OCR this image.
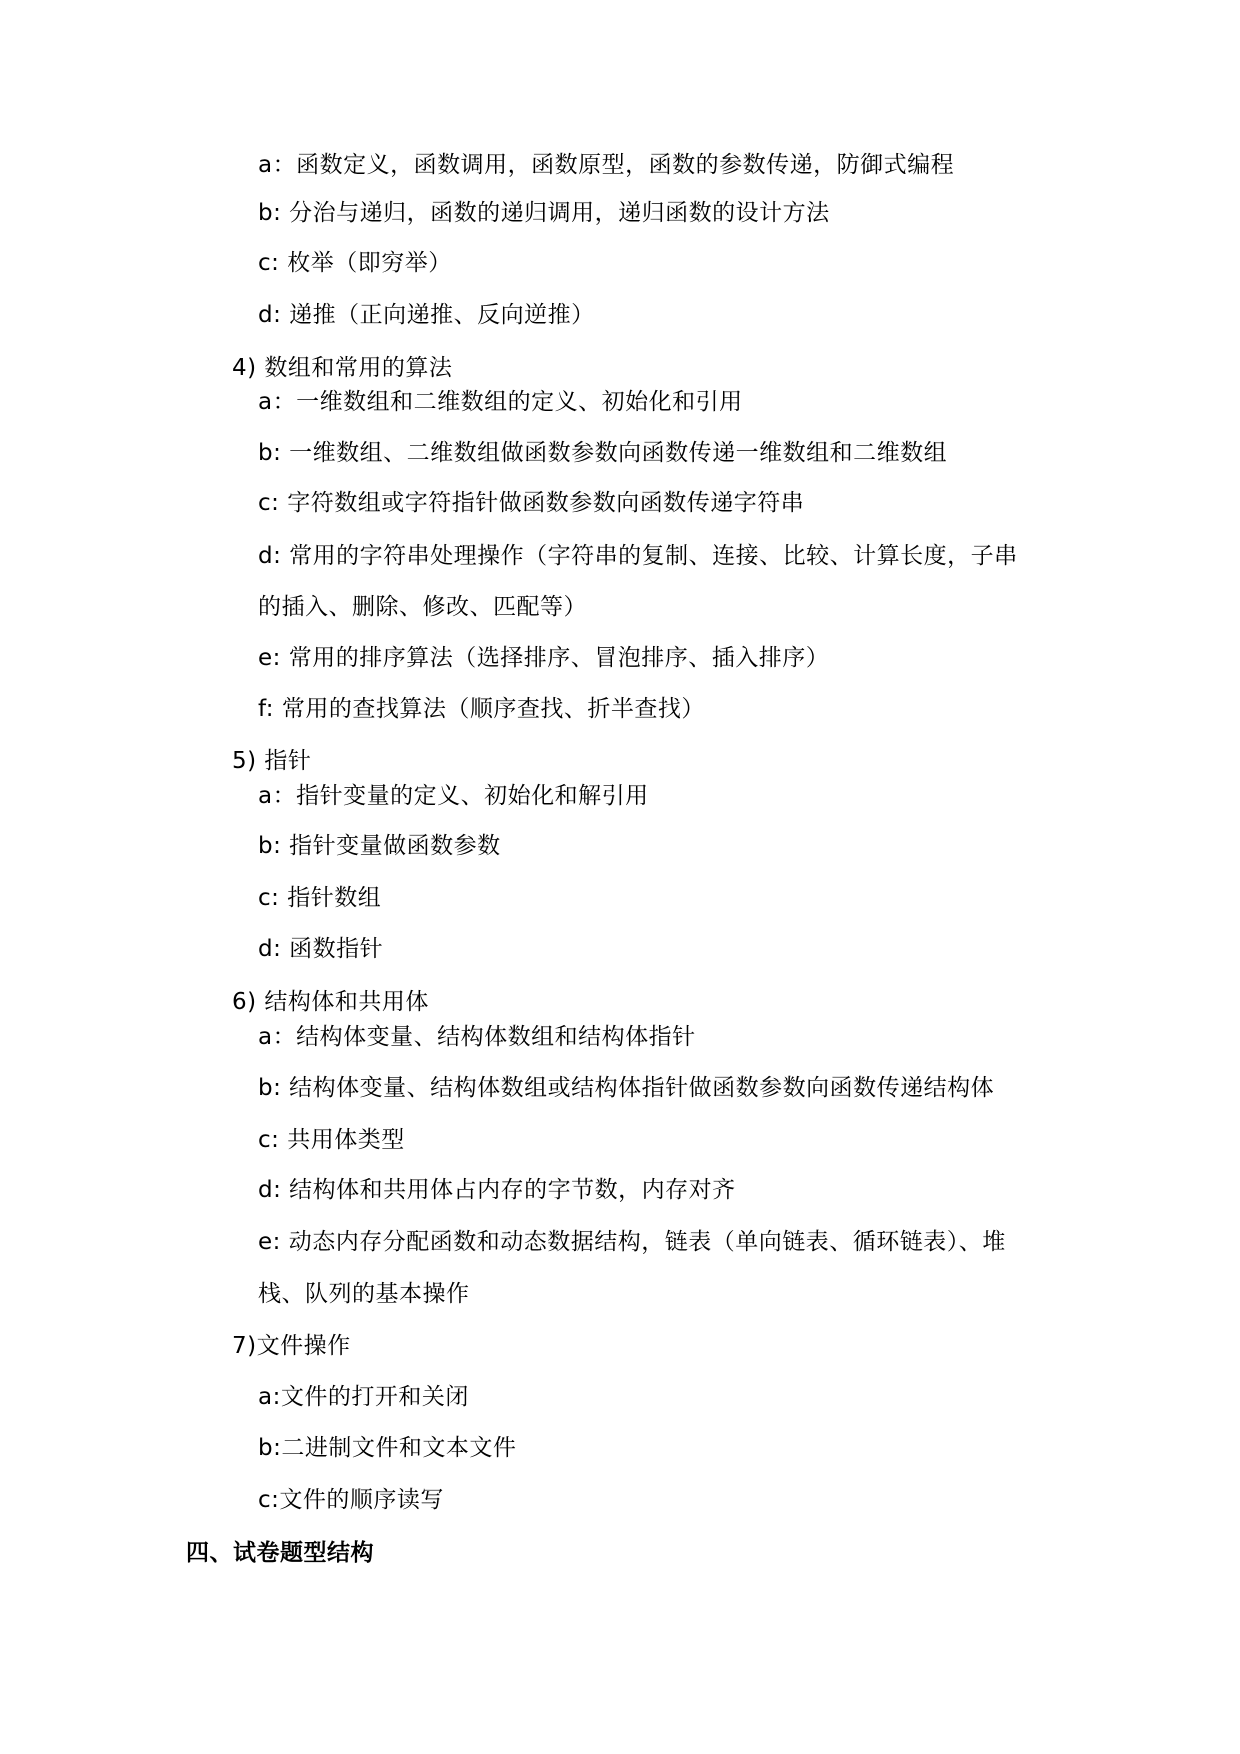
a：函数定义，函数调用，函数原型，函数的参数传递，防御式编程
b: 分治与递归，函数的递归调用，递归函数的设计方法
c: 枚举（即穷举）
d: 递推（正向递推、反向逆推）
4) 数组和常用的算法
a：一维数组和二维数组的定义、初始化和引用
b: 一维数组、二维数组做函数参数向函数传递一维数组和二维数组
c: 字符数组或字符指针做函数参数向函数传递字符串
d: 常用的字符串处理操作（字符串的复制、连接、比较、计算长度，子串
的插入、删除、修改、匹配等）
e: 常用的排序算法（选择排序、冒泡排序、插入排序）
f: 常用的查找算法（顺序查找、折半查找）
5) 指针
a：指针变量的定义、初始化和解引用
b: 指针变量做函数参数
c: 指针数组
d: 函数指针
6) 结构体和共用体
a：结构体变量、结构体数组和结构体指针
b: 结构体变量、结构体数组或结构体指针做函数参数向函数传递结构体
c: 共用体类型
d: 结构体和共用体占内存的字节数，内存对齐
e: 动态内存分配函数和动态数据结构，链表（单向链表、循环链表）、堆
栈、队列的基本操作
7)文件操作
a:文件的打开和关闭
b:二进制文件和文本文件
c:文件的顺序读写
四、试卷题型结构
